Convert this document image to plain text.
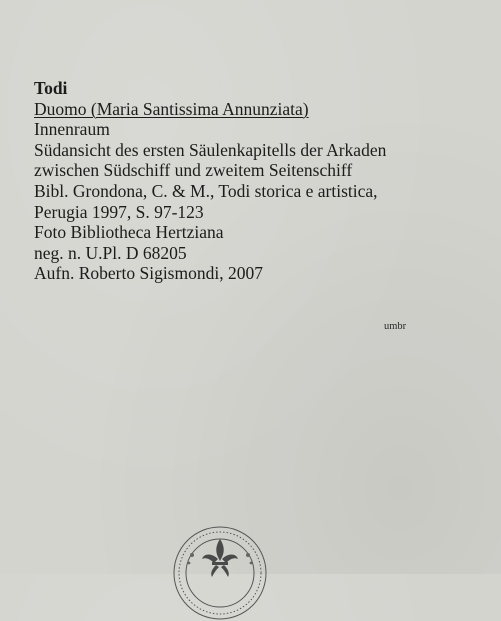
Todi
Duomo (Maria Santissima Annunziata)
Innenraum
Südansicht des ersten Säulenkapitells der Arkaden
zwischen Südschiff und zweitem Seitenschiff
Bibl. Grondona, C. & M., Todi storica e artistica,
Perugia 1997, S. 97-123
Foto Bibliotheca Hertziana
neg. n. U.Pl. D 68205
Aufn. Roberto Sigismondi, 2007
umbr
